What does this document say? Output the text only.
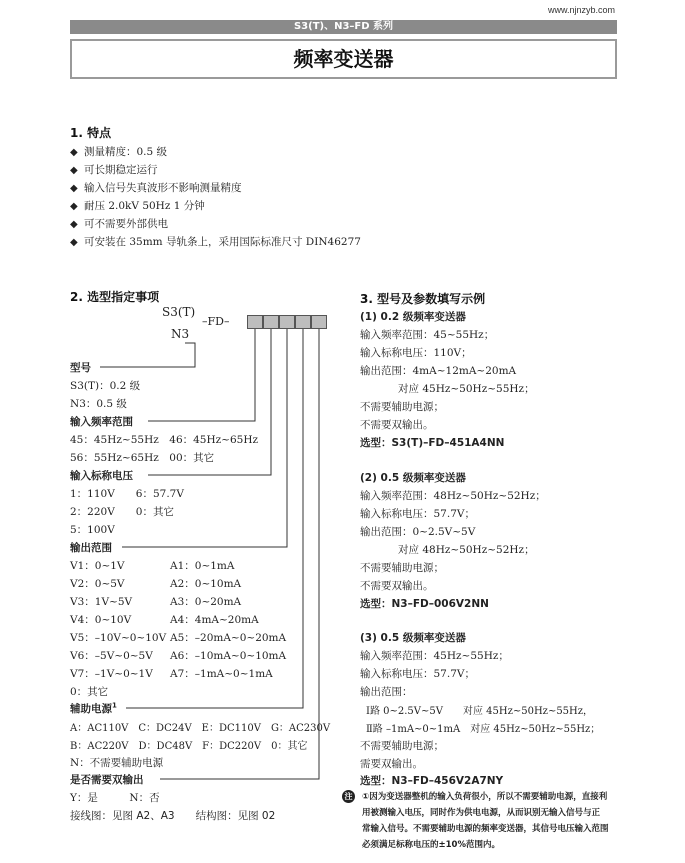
www.njnzyb.com
S3(T)、N3–FD 系列
频率变送器
1. 特点
◆ 测量精度：0.5 级
◆ 可长期稳定运行
◆ 输入信号失真波形不影响测量精度
◆ 耐压 2.0kV 50Hz 1 分钟
◆ 可不需要外部供电
◆ 可安装在 35mm 导轨条上，采用国际标准尺寸 DIN46277
2. 选型指定事项
S3(T)
–FD–
N3
型号
S3(T)：0.2 级
N3：0.5 级
输入频率范围
45：45Hz~55Hz　46：45Hz~65Hz
56：55Hz~65Hz　00：其它
输入标称电压
1：110V　　6：57.7V
2：220V　　0：其它
5：100V
输出范围
V1：0~1V	A1：0~1mA
V2：0~5V	A2：0~10mA
V3：1V~5V	A3：0~20mA
V4：0~10V	A4：4mA~20mA
V5：–10V~0~10V A5：–20mA~0~20mA
V6：–5V~0~5V A6：–10mA~0~10mA
V7：–1V~0~1V A7：–1mA~0~1mA
0：其它
辅助电源$^1$
A：AC110V　C：DC24V　E：DC110V　G：AC230V
B：AC220V　D：DC48V　F：DC220V　0：其它
N：不需要辅助电源
是否需要双输出
Y：是　　　N：否
接线图：见图 A2、A3　　结构图：见图 02
3. 型号及参数填写示例
(1) 0.2 级频率变送器
输入频率范围：45~55Hz；
输入标称电压：110V；
输出范围：4mA~12mA~20mA
对应 45Hz~50Hz~55Hz；
不需要辅助电源；
不需要双输出。
选型：S3(T)–FD–451A4NN
(2) 0.5 级频率变送器
输入频率范围：48Hz~50Hz~52Hz；
输入标称电压：57.7V；
输出范围：0~2.5V~5V
对应 48Hz~50Hz~52Hz；
不需要辅助电源；
不需要双输出。
选型：N3–FD–006V2NN
(3) 0.5 级频率变送器
输入频率范围：45Hz~55Hz；
输入标称电压：57.7V；
输出范围：
Ⅰ路 0~2.5V~5V　　对应 45Hz~50Hz~55Hz，
Ⅱ路 –1mA~0~1mA　对应 45Hz~50Hz~55Hz；
不需要辅助电源；
需要双输出。
选型：N3–FD–456V2A7NY
注 ①因为变送器整机的输入负荷很小，所以不需要辅助电源，直接利
用被测输入电压，同时作为供电电源，从而识别无输入信号与正
常输入信号。不需要辅助电源的频率变送器，其信号电压输入范围
必须满足标称电压的±10%范围内。
